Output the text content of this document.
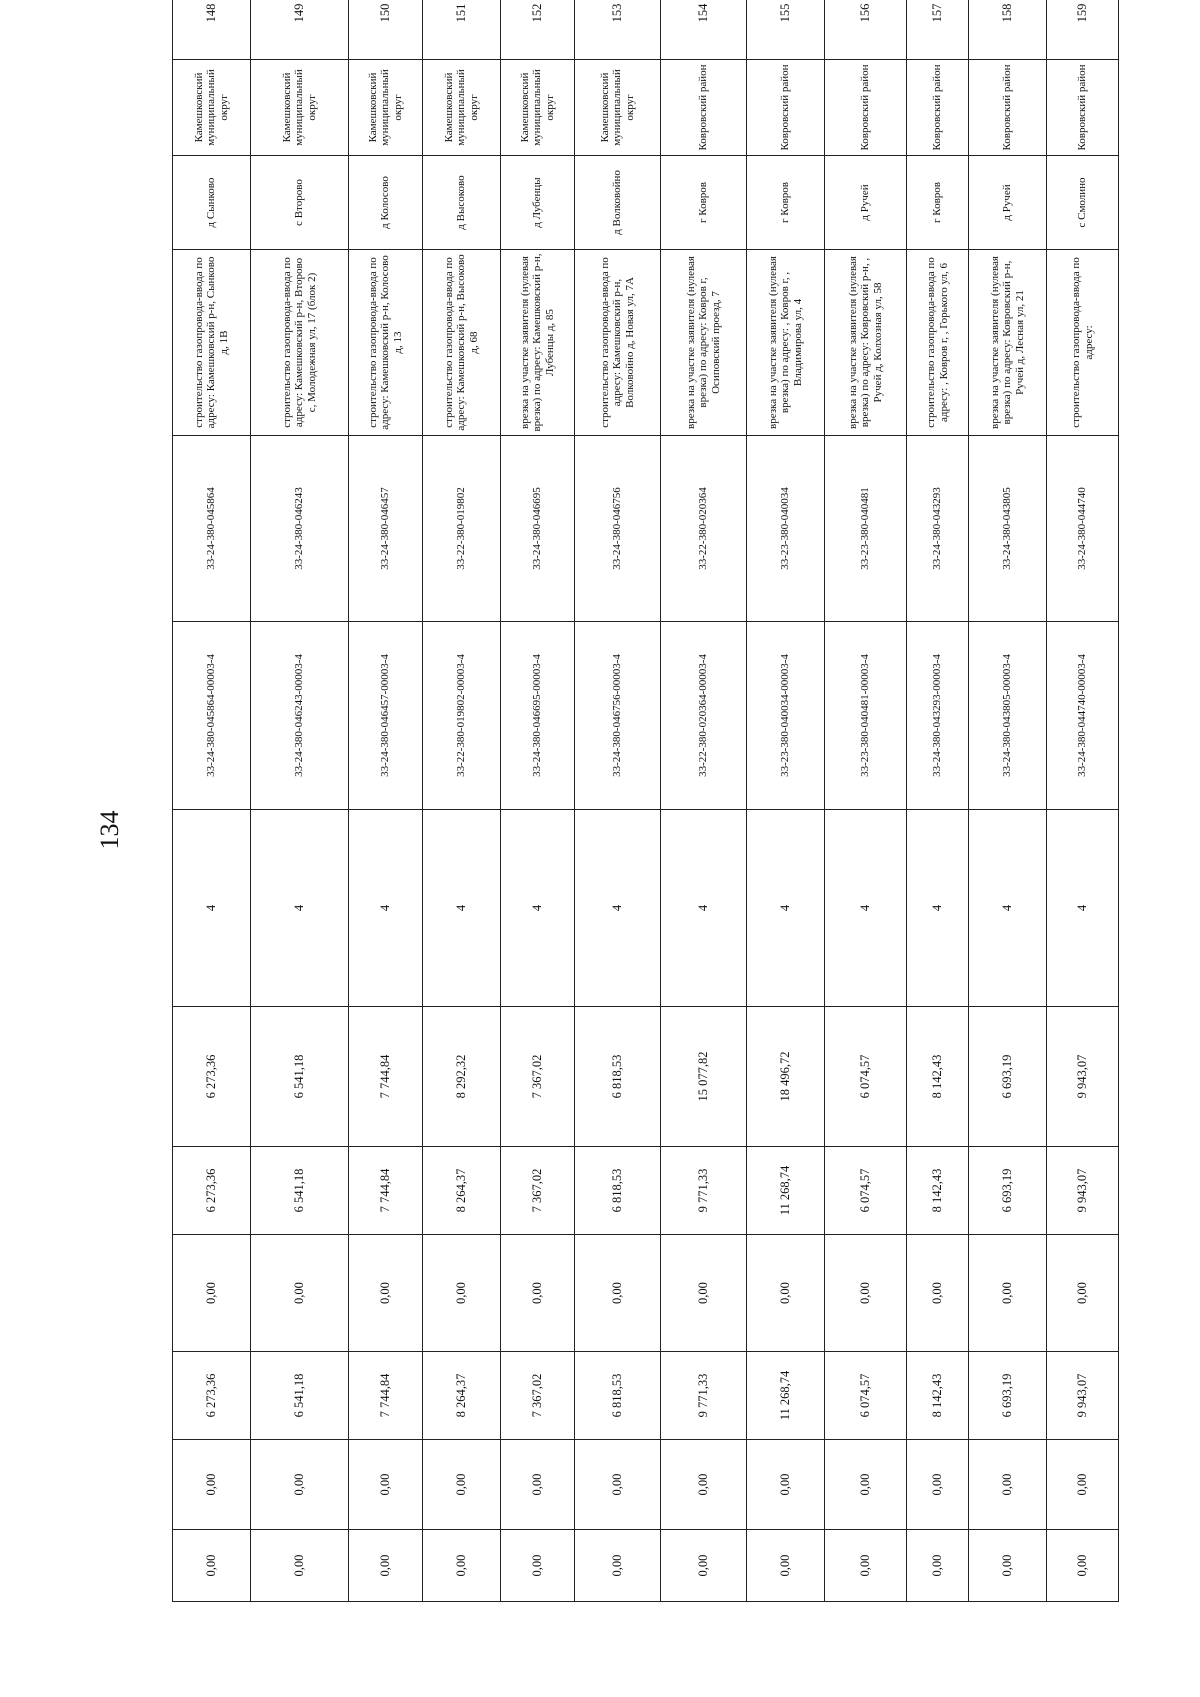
134
0,00	0,00	6 273,36	0,00	6 273,36	6 273,36	4	33-24-380-045864-00003-4	33-24-380-045864	строительство газопровода-ввода по адресу: Камешковский р-н, Сынково д, 1В	д Сынково	Камешковский муниципальный округ	148
0,00	0,00	6 541,18	0,00	6 541,18	6 541,18	4	33-24-380-046243-00003-4	33-24-380-046243	строительство газопровода-ввода по адресу: Камешковский р-н, Второво с, Молодежная ул, 17 (блок 2)	с Второво	Камешковский муниципальный округ	149
0,00	0,00	7 744,84	0,00	7 744,84	7 744,84	4	33-24-380-046457-00003-4	33-24-380-046457	строительство газопровода-ввода по адресу: Камешковский р-н, Колосово д, 13	д Колосово	Камешковский муниципальный округ	150
0,00	0,00	8 264,37	0,00	8 264,37	8 292,32	4	33-22-380-019802-00003-4	33-22-380-019802	строительство газопровода-ввода по адресу: Камешковский р-н, Высоково д, 68	д Высоково	Камешковский муниципальный округ	151
0,00	0,00	7 367,02	0,00	7 367,02	7 367,02	4	33-24-380-046695-00003-4	33-24-380-046695	врезка на участке заявителя (нулевая врезка) по адресу: Камешковский р-н, Лубенцы д, 85	д Лубенцы	Камешковский муниципальный округ	152
0,00	0,00	6 818,53	0,00	6 818,53	6 818,53	4	33-24-380-046756-00003-4	33-24-380-046756	строительство газопровода-ввода по адресу: Камешковский р-н, Волковойно д, Новая ул, 7А	д Волковойно	Камешковский муниципальный округ	153
0,00	0,00	9 771,33	0,00	9 771,33	15 077,82	4	33-22-380-020364-00003-4	33-22-380-020364	врезка на участке заявителя (нулевая врезка) по адресу: Ковров г, Осиповский проезд, 7	г Ковров	Ковровский район	154
0,00	0,00	11 268,74	0,00	11 268,74	18 496,72	4	33-23-380-040034-00003-4	33-23-380-040034	врезка на участке заявителя (нулевая врезка) по адресу: , Ковров г, , Владимирова ул, 4	г Ковров	Ковровский район	155
0,00	0,00	6 074,57	0,00	6 074,57	6 074,57	4	33-23-380-040481-00003-4	33-23-380-040481	врезка на участке заявителя (нулевая врезка) по адресу: Ковровский р-н, , Ручей д, Колхозная ул, 58	д Ручей	Ковровский район	156
0,00	0,00	8 142,43	0,00	8 142,43	8 142,43	4	33-24-380-043293-00003-4	33-24-380-043293	строительство газопровода-ввода по адресу: , Ковров г, , Горького ул, 6	г Ковров	Ковровский район	157
0,00	0,00	6 693,19	0,00	6 693,19	6 693,19	4	33-24-380-043805-00003-4	33-24-380-043805	врезка на участке заявителя (нулевая врезка) по адресу: Ковровский р-н, Ручей д, Лесная ул, 21	д Ручей	Ковровский район	158
0,00	0,00	9 943,07	0,00	9 943,07	9 943,07	4	33-24-380-044740-00003-4	33-24-380-044740	строительство газопровода-ввода по адресу:	с Смолино	Ковровский район	159
